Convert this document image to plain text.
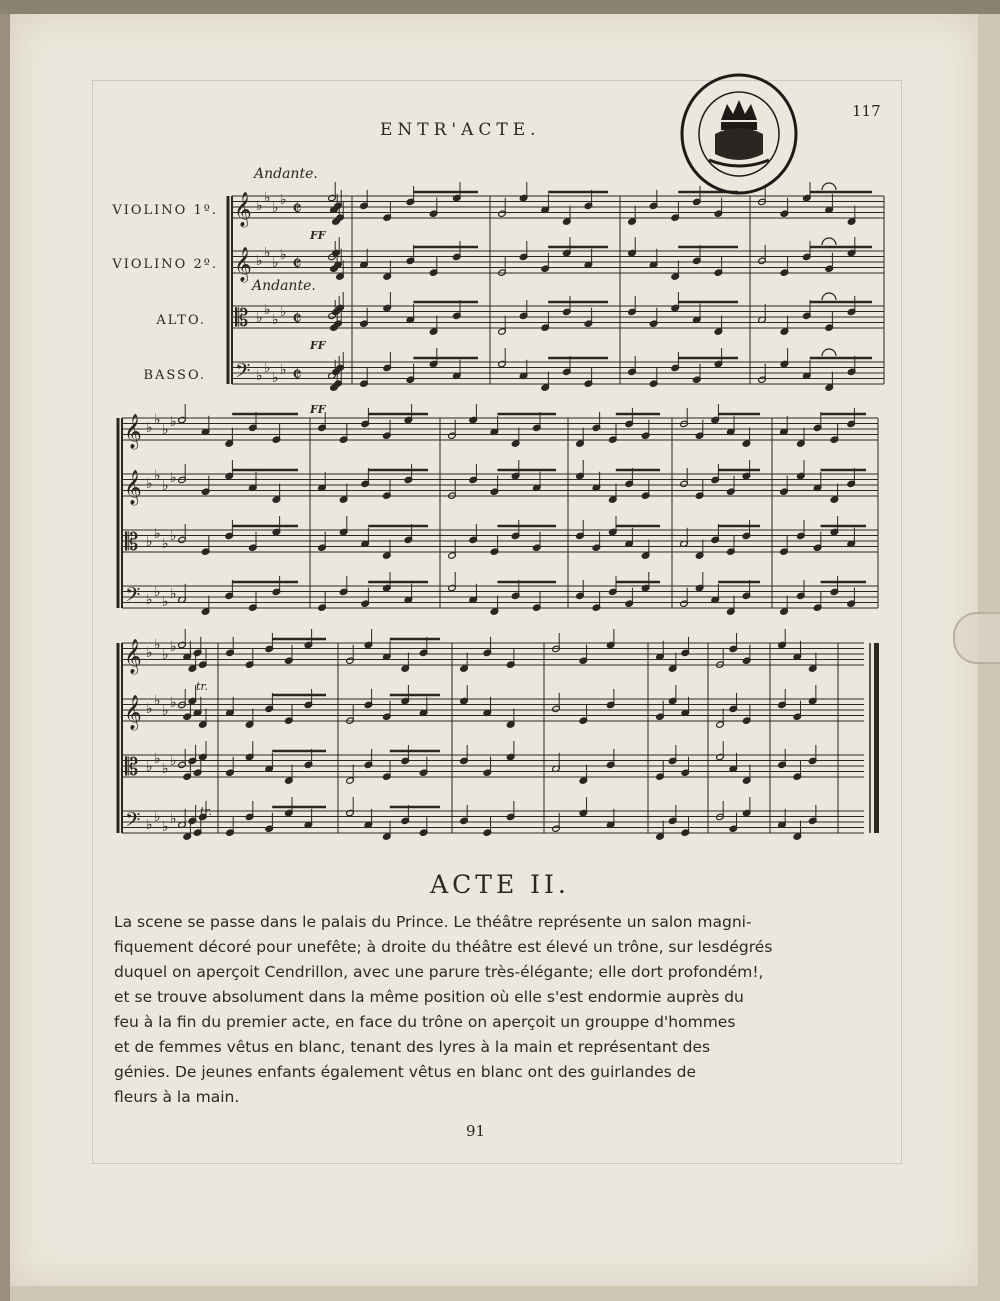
𝄞 ♭ ♭
♭ ♭ 𝄵
𝄞 ♭ ♭
♭ ♭ 𝄵
𝄡 ♭ ♭
♭ ♭ 𝄵
𝄢 ♭ ♭
♭ ♭ 𝄵
𝄞 ♭ ♭
♭ ♭
𝄞 ♭ ♭
♭ ♭
𝄡 ♭ ♭
♭ ♭
𝄢 ♭ ♭
♭ ♭
𝄞 ♭ ♭
♭ ♭
𝄞 ♭ ♭
♭ ♭
𝄡 ♭ ♭
♭ ♭
𝄢 ♭ ♭
♭ ♭
FF
FF
FF
tr.
tr.
117
ENTR'ACTE.
Andante.
Andante.
VIOLINO 1º.
VIOLINO 2º.
ALTO.
BASSO.
ACTE II.
La scene se passe dans le palais du Prince. Le théâtre représente un salon magni-
fiquement décoré pour unefête; à droite du théâtre est élevé un trône, sur lesdégrés
duquel on aperçoit Cendrillon, avec une parure très-élégante; elle dort profondém!,
et se trouve absolument dans la même position où elle s'est endormie auprès du
feu à la fin du premier acte, en face du trône on aperçoit un grouppe d'hommes
et de femmes vêtus en blanc, tenant des lyres à la main et représentant des
génies. De jeunes enfants également vêtus en blanc ont des guirlandes de
fleurs à la main.
91
